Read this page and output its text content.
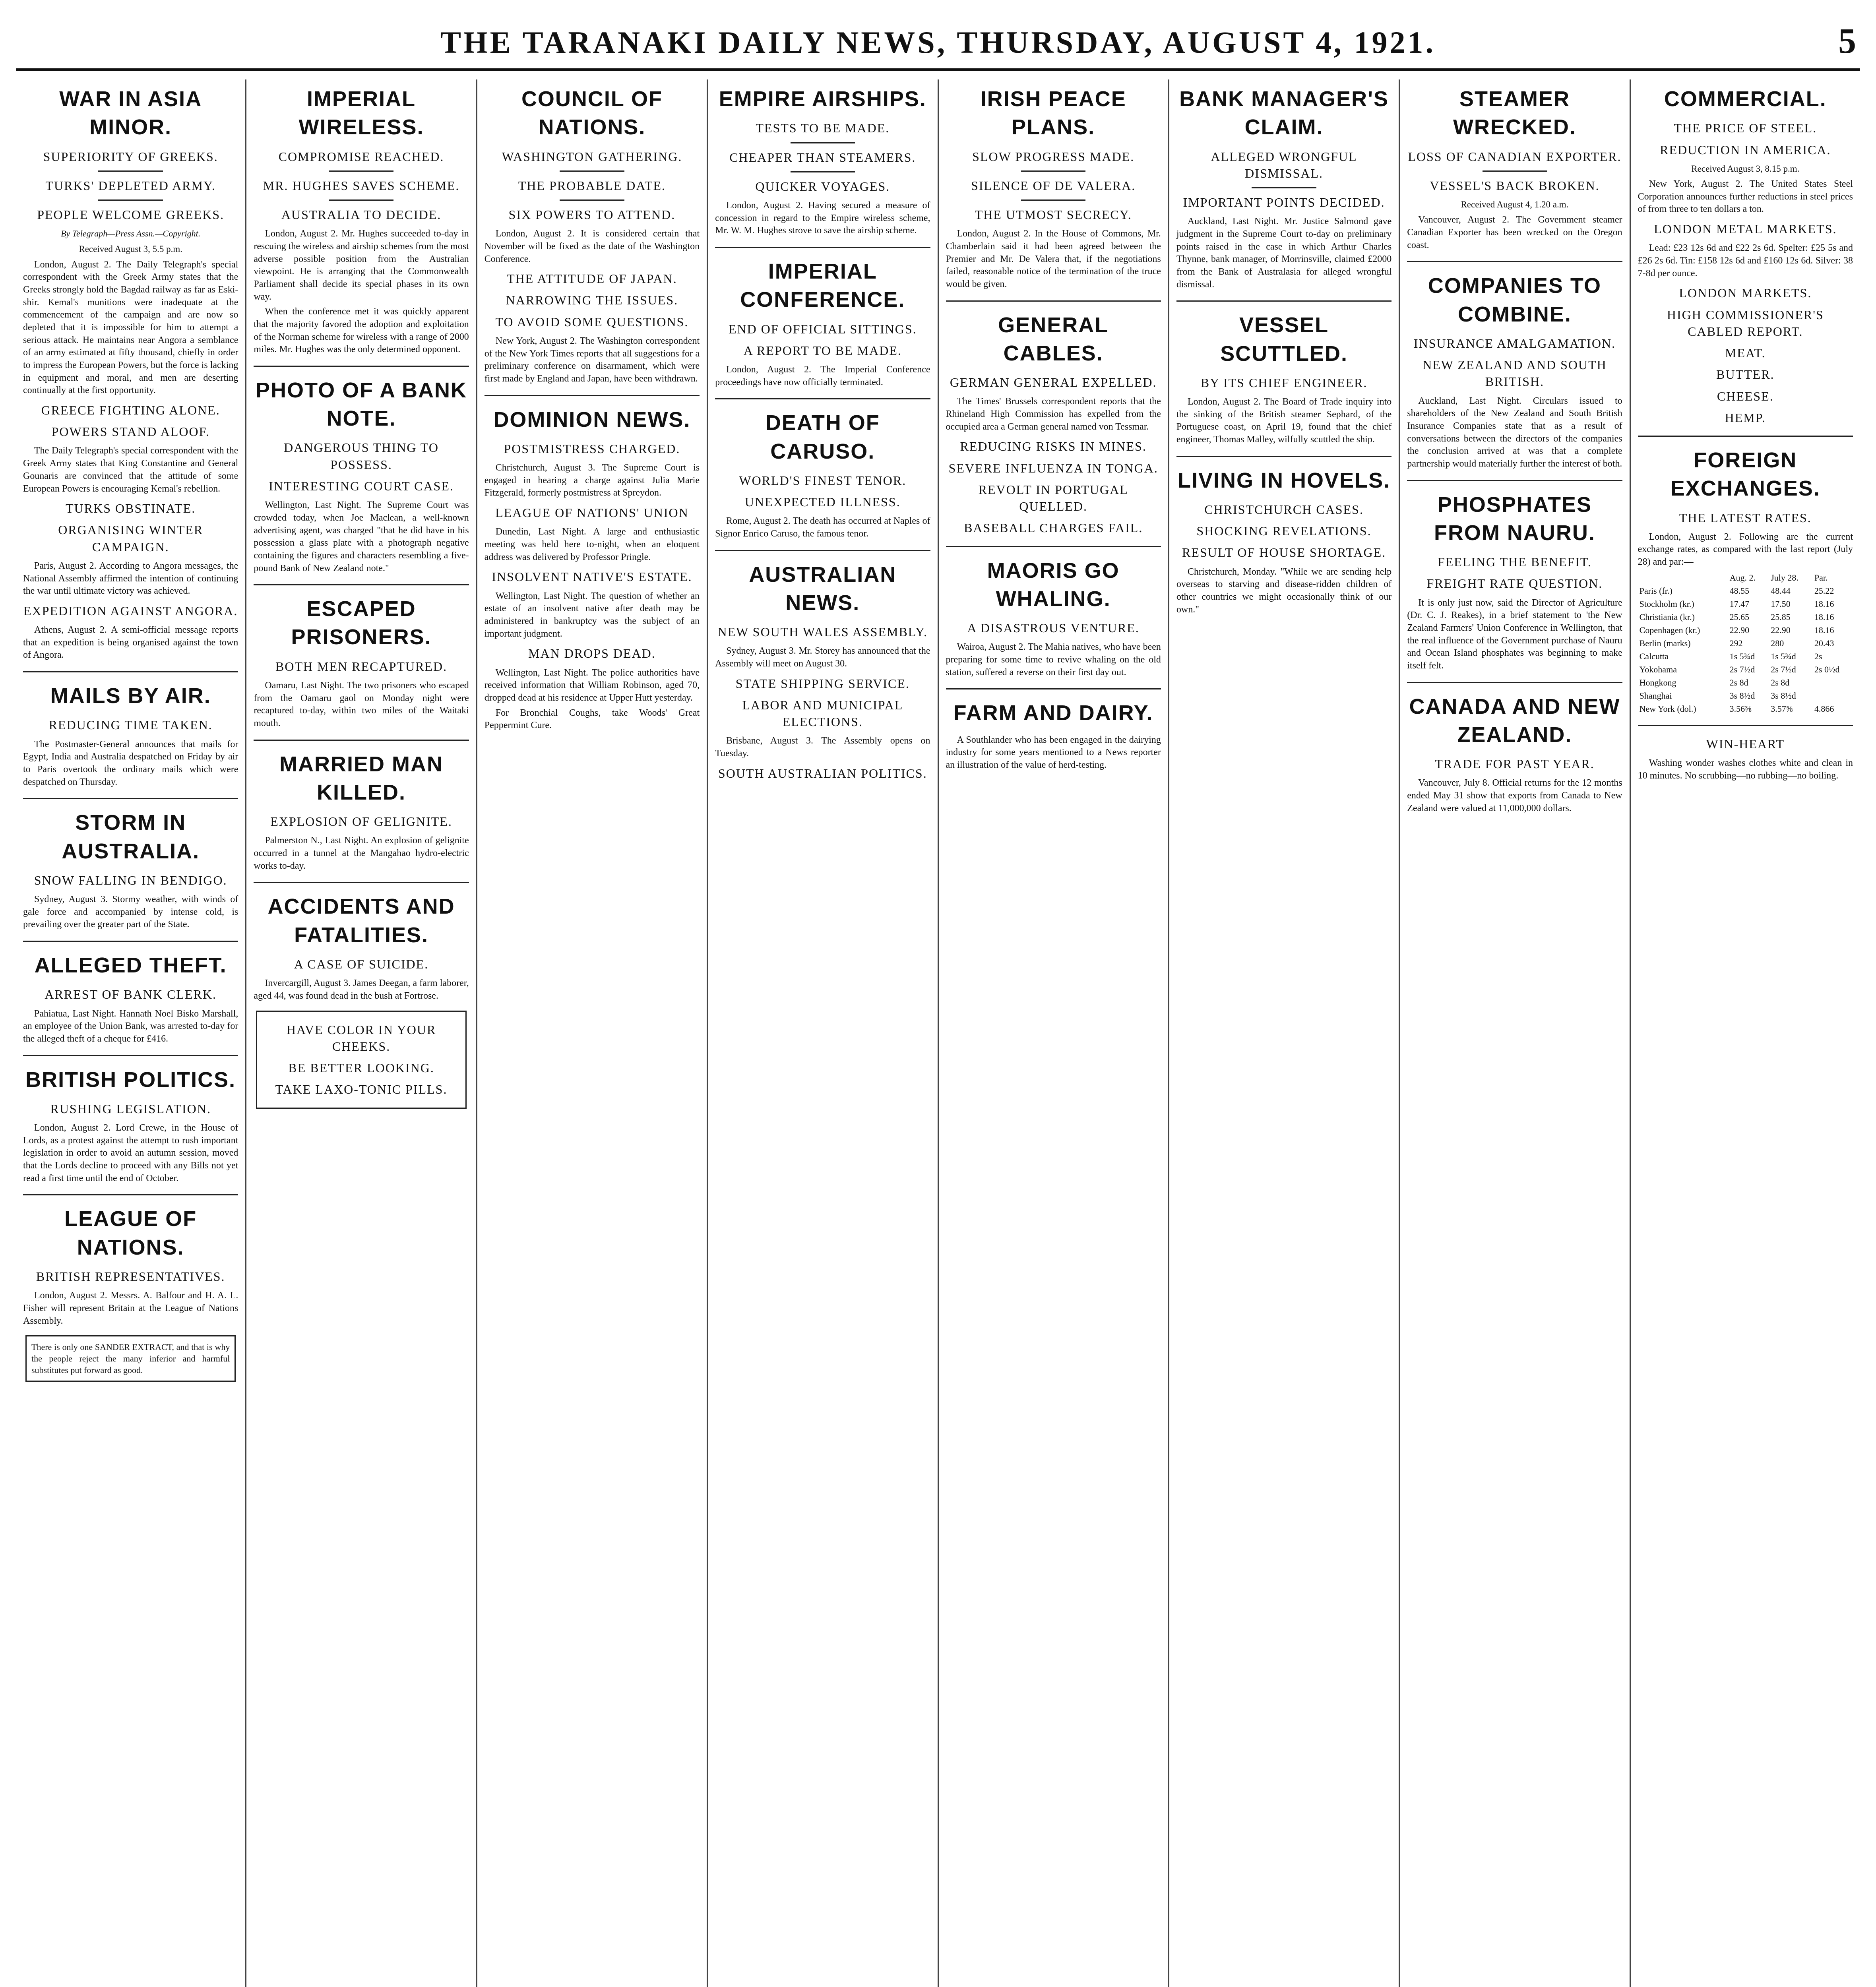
THE TARANAKI DAILY NEWS, THURSDAY, AUGUST 4, 1921.	5
WAR IN ASIA MINOR.
SUPERIORITY OF GREEKS.
TURKS' DEPLETED ARMY.
PEOPLE WELCOME GREEKS.
By Telegraph—Press Assn.—Copyright.
Received August 3, 5.5 p.m.

London, August 2. The Daily Telegraph's special correspondent with the Greek Army states that the Greeks strongly hold the Bagdad railway as far as Eski-shir. Kemal's munitions were inadequate at the commencement of the campaign and are now so depleted that it is impossible for him to attempt a serious attack. He maintains near Angora a semblance of an army estimated at fifty thousand, chiefly in order to impress the European Powers, but the force is lacking in equipment and moral, and men are deserting continually at the first opportunity.

GREECE FIGHTING ALONE.
POWERS STAND ALOOF.

The Daily Telegraph's special correspondent with the Greek Army states that King Constantine and General Gounaris are convinced that the attitude of some European Powers is encouraging Kemal's rebellion.

TURKS OBSTINATE.
ORGANISING WINTER CAMPAIGN.

Paris, August 2. According to Angora messages, the National Assembly affirmed the intention of continuing the war until ultimate victory was achieved.

EXPEDITION AGAINST ANGORA.

Athens, August 2. A semi-official message reports that an expedition is being organised against the town of Angora.

MAILS BY AIR.
REDUCING TIME TAKEN.

The Postmaster-General announces that mails for Egypt, India and Australia despatched on Friday by air to Paris overtook the ordinary mails which were despatched on Thursday.

STORM IN AUSTRALIA.
SNOW FALLING IN BENDIGO.

Sydney, August 3. Stormy weather, with winds of gale force and accompanied by intense cold, is prevailing over the greater part of the State.

ALLEGED THEFT.
ARREST OF BANK CLERK.

Pahiatua, Last Night. Hannath Noel Bisko Marshall, an employee of the Union Bank, was arrested to-day for the alleged theft of a cheque for £416.

BRITISH POLITICS.
RUSHING LEGISLATION.

London, August 2. Lord Crewe, in the House of Lords, as a protest against the attempt to rush important legislation in order to avoid an autumn session, moved that the Lords decline to proceed with any Bills not yet read a first time until the end of October.

LEAGUE OF NATIONS.
BRITISH REPRESENTATIVES.

London, August 2. Messrs. A. Balfour and H. A. L. Fisher will represent Britain at the League of Nations Assembly.

There is only one SANDER EXTRACT, and that is why the people reject the many inferior and harmful substitutes put forward as good.
IMPERIAL WIRELESS.
COMPROMISE REACHED.
MR. HUGHES SAVES SCHEME.
AUSTRALIA TO DECIDE.

London, August 2. Mr. Hughes succeeded to-day in rescuing the wireless and airship schemes from the most adverse possible position from the Australian viewpoint. He is arranging that the Commonwealth Parliament shall decide its special phases in its own way.

When the conference met it was quickly apparent that the majority favored the adoption and exploitation of the Norman scheme for wireless with a range of 2000 miles. Mr. Hughes was the only determined opponent.

PHOTO OF A BANK NOTE.
DANGEROUS THING TO POSSESS.
INTERESTING COURT CASE.

Wellington, Last Night. The Supreme Court was crowded today, when Joe Maclean, a well-known advertising agent, was charged "that he did have in his possession a glass plate with a photograph negative containing the figures and characters resembling a five-pound Bank of New Zealand note."

ESCAPED PRISONERS.
BOTH MEN RECAPTURED.

Oamaru, Last Night. The two prisoners who escaped from the Oamaru gaol on Monday night were recaptured to-day, within two miles of the Waitaki mouth.

MARRIED MAN KILLED.
EXPLOSION OF GELIGNITE.

Palmerston N., Last Night. An explosion of gelignite occurred in a tunnel at the Mangahao hydro-electric works to-day.

ACCIDENTS AND FATALITIES.
A CASE OF SUICIDE.

Invercargill, August 3. James Deegan, a farm laborer, aged 44, was found dead in the bush at Fortrose.

HAVE COLOR IN YOUR CHEEKS.
BE BETTER LOOKING.
TAKE LAXO-TONIC PILLS.
COUNCIL OF NATIONS.
WASHINGTON GATHERING.
THE PROBABLE DATE.
SIX POWERS TO ATTEND.

London, August 2. It is considered certain that November will be fixed as the date of the Washington Conference.

THE ATTITUDE OF JAPAN.
NARROWING THE ISSUES.
TO AVOID SOME QUESTIONS.

New York, August 2. The Washington correspondent of the New York Times reports that all suggestions for a preliminary conference on disarmament, which were first made by England and Japan, have been withdrawn.

DOMINION NEWS.
POSTMISTRESS CHARGED.

Christchurch, August 3. The Supreme Court is engaged in hearing a charge against Julia Marie Fitzgerald, formerly postmistress at Spreydon.

LEAGUE OF NATIONS' UNION

Dunedin, Last Night. A large and enthusiastic meeting was held here to-night, when an eloquent address was delivered by Professor Pringle.

INSOLVENT NATIVE'S ESTATE.

Wellington, Last Night. The question of whether an estate of an insolvent native after death may be administered in bankruptcy was the subject of an important judgment.

MAN DROPS DEAD.

Wellington, Last Night. The police authorities have received information that William Robinson, aged 70, dropped dead at his residence at Upper Hutt yesterday.

For Bronchial Coughs, take Woods' Great Peppermint Cure.

EMPIRE AIRSHIPS.
TESTS TO BE MADE.
CHEAPER THAN STEAMERS.
QUICKER VOYAGES.

London, August 2. Having secured a measure of concession in regard to the Empire wireless scheme, Mr. W. M. Hughes strove to save the airship scheme.

IMPERIAL CONFERENCE.
END OF OFFICIAL SITTINGS.
A REPORT TO BE MADE.

London, August 2. The Imperial Conference proceedings have now officially terminated.

DEATH OF CARUSO.
WORLD'S FINEST TENOR.
UNEXPECTED ILLNESS.

Rome, August 2. The death has occurred at Naples of Signor Enrico Caruso, the famous tenor.

AUSTRALIAN NEWS.
NEW SOUTH WALES ASSEMBLY.

Sydney, August 3. Mr. Storey has announced that the Assembly will meet on August 30.

STATE SHIPPING SERVICE.
LABOR AND MUNICIPAL ELECTIONS.

Brisbane, August 3. The Assembly opens on Tuesday.

SOUTH AUSTRALIAN POLITICS.
IRISH PEACE PLANS.
SLOW PROGRESS MADE.
SILENCE OF DE VALERA.
THE UTMOST SECRECY.

London, August 2. In the House of Commons, Mr. Chamberlain said it had been agreed between the Premier and Mr. De Valera that, if the negotiations failed, reasonable notice of the termination of the truce would be given.

GENERAL CABLES.
GERMAN GENERAL EXPELLED.

The Times' Brussels correspondent reports that the Rhineland High Commission has expelled from the occupied area a German general named von Tessmar.

REDUCING RISKS IN MINES.
SEVERE INFLUENZA IN TONGA.
REVOLT IN PORTUGAL QUELLED.
BASEBALL CHARGES FAIL.
MAORIS GO WHALING.
A DISASTROUS VENTURE.

Wairoa, August 2. The Mahia natives, who have been preparing for some time to revive whaling on the old station, suffered a reverse on their first day out.

FARM AND DAIRY.

A Southlander who has been engaged in the dairying industry for some years mentioned to a News reporter an illustration of the value of herd-testing.

BANK MANAGER'S CLAIM.
ALLEGED WRONGFUL DISMISSAL.
IMPORTANT POINTS DECIDED.

Auckland, Last Night. Mr. Justice Salmond gave judgment in the Supreme Court to-day on preliminary points raised in the case in which Arthur Charles Thynne, bank manager, of Morrinsville, claimed £2000 from the Bank of Australasia for alleged wrongful dismissal.

VESSEL SCUTTLED.
BY ITS CHIEF ENGINEER.

London, August 2. The Board of Trade inquiry into the sinking of the British steamer Sephard, of the Portuguese coast, on April 19, found that the chief engineer, Thomas Malley, wilfully scuttled the ship.

LIVING IN HOVELS.
CHRISTCHURCH CASES.
SHOCKING REVELATIONS.
RESULT OF HOUSE SHORTAGE.

Christchurch, Monday. "While we are sending help overseas to starving and disease-ridden children of other countries we might occasionally think of our own."

STEAMER WRECKED.
LOSS OF CANADIAN EXPORTER.
VESSEL'S BACK BROKEN.
Received August 4, 1.20 a.m.

Vancouver, August 2. The Government steamer Canadian Exporter has been wrecked on the Oregon coast.

COMPANIES TO COMBINE.
INSURANCE AMALGAMATION.
NEW ZEALAND AND SOUTH BRITISH.

Auckland, Last Night. Circulars issued to shareholders of the New Zealand and South British Insurance Companies state that as a result of conversations between the directors of the companies the conclusion arrived at was that a complete partnership would materially further the interest of both.

PHOSPHATES FROM NAURU.
FEELING THE BENEFIT.
FREIGHT RATE QUESTION.

It is only just now, said the Director of Agriculture (Dr. C. J. Reakes), in a brief statement to 'the New Zealand Farmers' Union Conference in Wellington, that the real influence of the Government purchase of Nauru and Ocean Island phosphates was beginning to make itself felt.

CANADA AND NEW ZEALAND.
TRADE FOR PAST YEAR.

Vancouver, July 8. Official returns for the 12 months ended May 31 show that exports from Canada to New Zealand were valued at 11,000,000 dollars.

COMMERCIAL.
THE PRICE OF STEEL.
REDUCTION IN AMERICA.
Received August 3, 8.15 p.m.

New York, August 2. The United States Steel Corporation announces further reductions in steel prices of from three to ten dollars a ton.

LONDON METAL MARKETS.

Lead: £23 12s 6d and £22 2s 6d. Spelter: £25 5s and £26 2s 6d. Tin: £158 12s 6d and £160 12s 6d. Silver: 38 7-8d per ounce.

LONDON MARKETS.
HIGH COMMISSIONER'S CABLED REPORT.
MEAT.
BUTTER.
CHEESE.
HEMP.
FOREIGN EXCHANGES.
THE LATEST RATES.

London, August 2. Following are the current exchange rates, as compared with the last report (July 28) and par:—

	Aug. 2.	July 28.	Par.
Paris (fr.)	48.55	48.44	25.22
Stockholm (kr.)	17.47	17.50	18.16
Christiania (kr.)	25.65	25.85	18.16
Copenhagen (kr.)	22.90	22.90	18.16
Berlin (marks)	292	280	20.43
Calcutta	1s 5¾d	1s 5¾d	2s
Yokohama	2s 7½d	2s 7½d	2s 0½d
Hongkong	2s 8d	2s 8d	
Shanghai	3s 8½d	3s 8½d	
New York (dol.)	3.56⅜	3.57⅝	4.866
WIN-HEART

Washing wonder washes clothes white and clean in 10 minutes. No scrubbing—no rubbing—no boiling.
